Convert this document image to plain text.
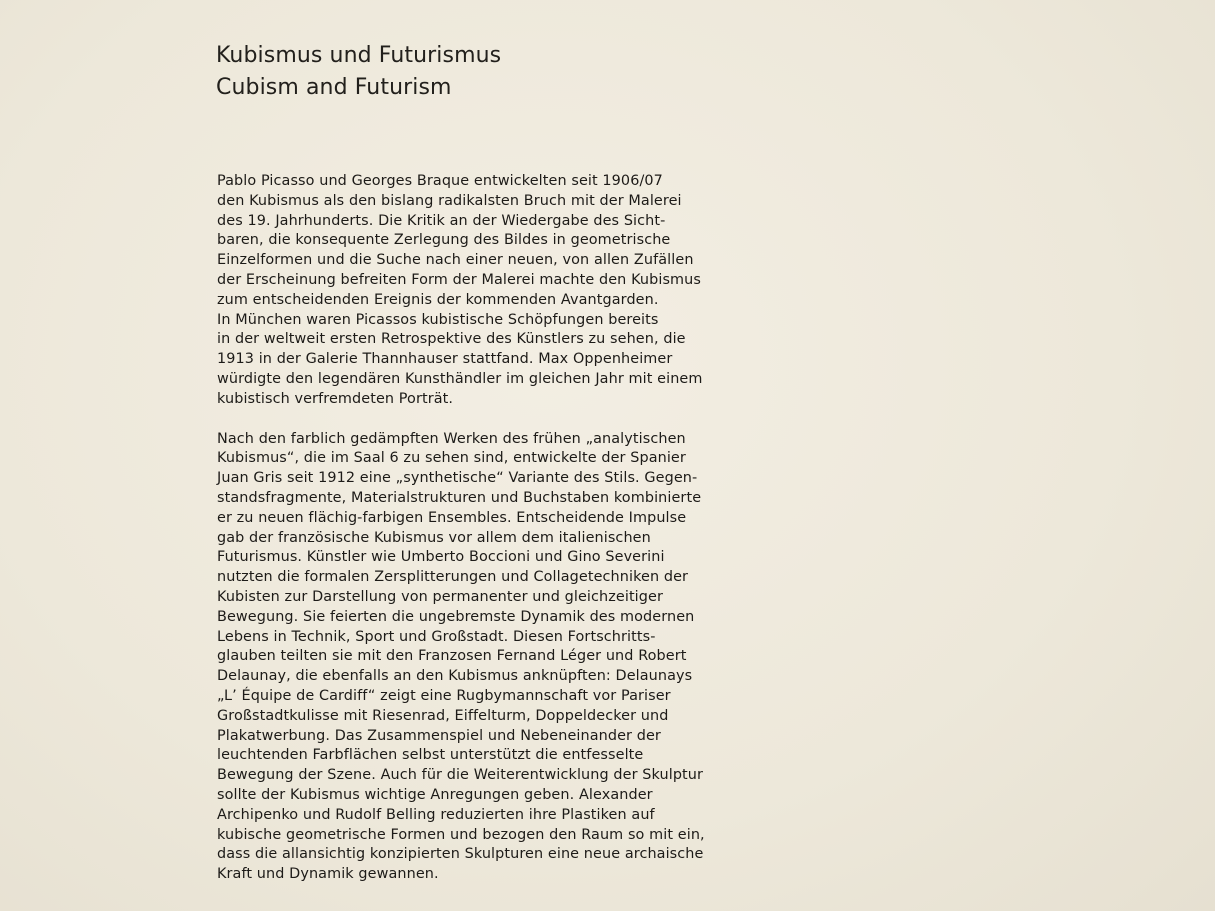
Kubismus und Futurismus
Cubism and Futurism

Pablo Picasso und Georges Braque entwickelten seit 1906/07
den Kubismus als den bislang radikalsten Bruch mit der Malerei
des 19. Jahrhunderts. Die Kritik an der Wiedergabe des Sicht-
baren, die konsequente Zerlegung des Bildes in geometrische
Einzelformen und die Suche nach einer neuen, von allen Zufällen
der Erscheinung befreiten Form der Malerei machte den Kubismus
zum entscheidenden Ereignis der kommenden Avantgarden.
In München waren Picassos kubistische Schöpfungen bereits
in der weltweit ersten Retrospektive des Künstlers zu sehen, die
1913 in der Galerie Thannhauser stattfand. Max Oppenheimer
würdigte den legendären Kunsthändler im gleichen Jahr mit einem
kubistisch verfremdeten Porträt.

Nach den farblich gedämpften Werken des frühen „analytischen
Kubismus“, die im Saal 6 zu sehen sind, entwickelte der Spanier
Juan Gris seit 1912 eine „synthetische“ Variante des Stils. Gegen-
standsfragmente, Materialstrukturen und Buchstaben kombinierte
er zu neuen flächig-farbigen Ensembles. Entscheidende Impulse
gab der französische Kubismus vor allem dem italienischen
Futurismus. Künstler wie Umberto Boccioni und Gino Severini
nutzten die formalen Zersplitterungen und Collagetechniken der
Kubisten zur Darstellung von permanenter und gleichzeitiger
Bewegung. Sie feierten die ungebremste Dynamik des modernen
Lebens in Technik, Sport und Großstadt. Diesen Fortschritts-
glauben teilten sie mit den Franzosen Fernand Léger und Robert
Delaunay, die ebenfalls an den Kubismus anknüpften: Delaunays
„L’ Équipe de Cardiff“ zeigt eine Rugbymannschaft vor Pariser
Großstadtkulisse mit Riesenrad, Eiffelturm, Doppeldecker und
Plakatwerbung. Das Zusammenspiel und Nebeneinander der
leuchtenden Farbflächen selbst unterstützt die entfesselte
Bewegung der Szene. Auch für die Weiterentwicklung der Skulptur
sollte der Kubismus wichtige Anregungen geben. Alexander
Archipenko und Rudolf Belling reduzierten ihre Plastiken auf
kubische geometrische Formen und bezogen den Raum so mit ein,
dass die allansichtig konzipierten Skulpturen eine neue archaische
Kraft und Dynamik gewannen.
